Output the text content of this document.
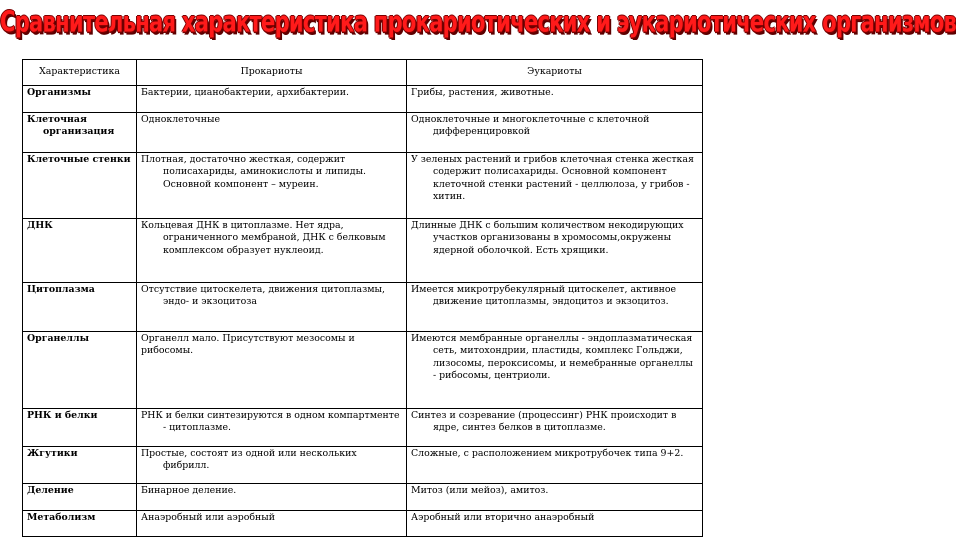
Сравнительная характеристика прокариотических и эукариотических организмов
Характеристика	Прокариоты	Эукариоты
Организмы	Бактерии, цианобактерии, архибактерии.	Грибы, растения, животные.
Клеточная организация	Одноклеточные	Одноклеточные и многоклеточные с клеточной дифференцировкой
Клеточные стенки	Плотная, достаточно жесткая, содержит полисахариды, аминокислоты и липиды. Основной компонент – муреин.	У зеленых растений и грибов клеточная стенка жесткая содержит полисахариды. Основной компонент клеточной стенки растений - целлюлоза, у грибов - хитин.
ДНК	Кольцевая ДНК в цитоплазме. Нет ядра, ограниченного мембраной, ДНК с белковым комплексом образует нуклеоид.	Длинные ДНК с большим количеством некодирующих участков организованы в хромосомы,окружены ядерной оболочкой. Есть хрящики.
Цитоплазма	Отсутствие цитоскелета, движения цитоплазмы, эндо- и экзоцитоза	Имеется микротрубекулярный цитоскелет, активное движение цитоплазмы, эндоцитоз и экзоцитоз.
Органеллы	Органелл мало. Присутствуют мезосомы и рибосомы.	Имеются мембранные органеллы - эндоплазматическая сеть, митохондрии, пластиды, комплекс Гольджи, лизосомы, пероксисомы, и немебранные органеллы - рибосомы, центриоли.
РНК и белки	РНК и белки синтезируются в одном компартменте - цитоплазме.	Синтез и созревание (процессинг) РНК происходит в ядре, синтез белков в цитоплазме.
Жгутики	Простые, состоят из одной или нескольких фибрилл.	Сложные, с расположением микротрубочек типа 9+2.
Деление	Бинарное деление.	Митоз (или мейоз), амитоз.
Метаболизм	Анаэробный или аэробный	Аэробный или вторично анаэробный
